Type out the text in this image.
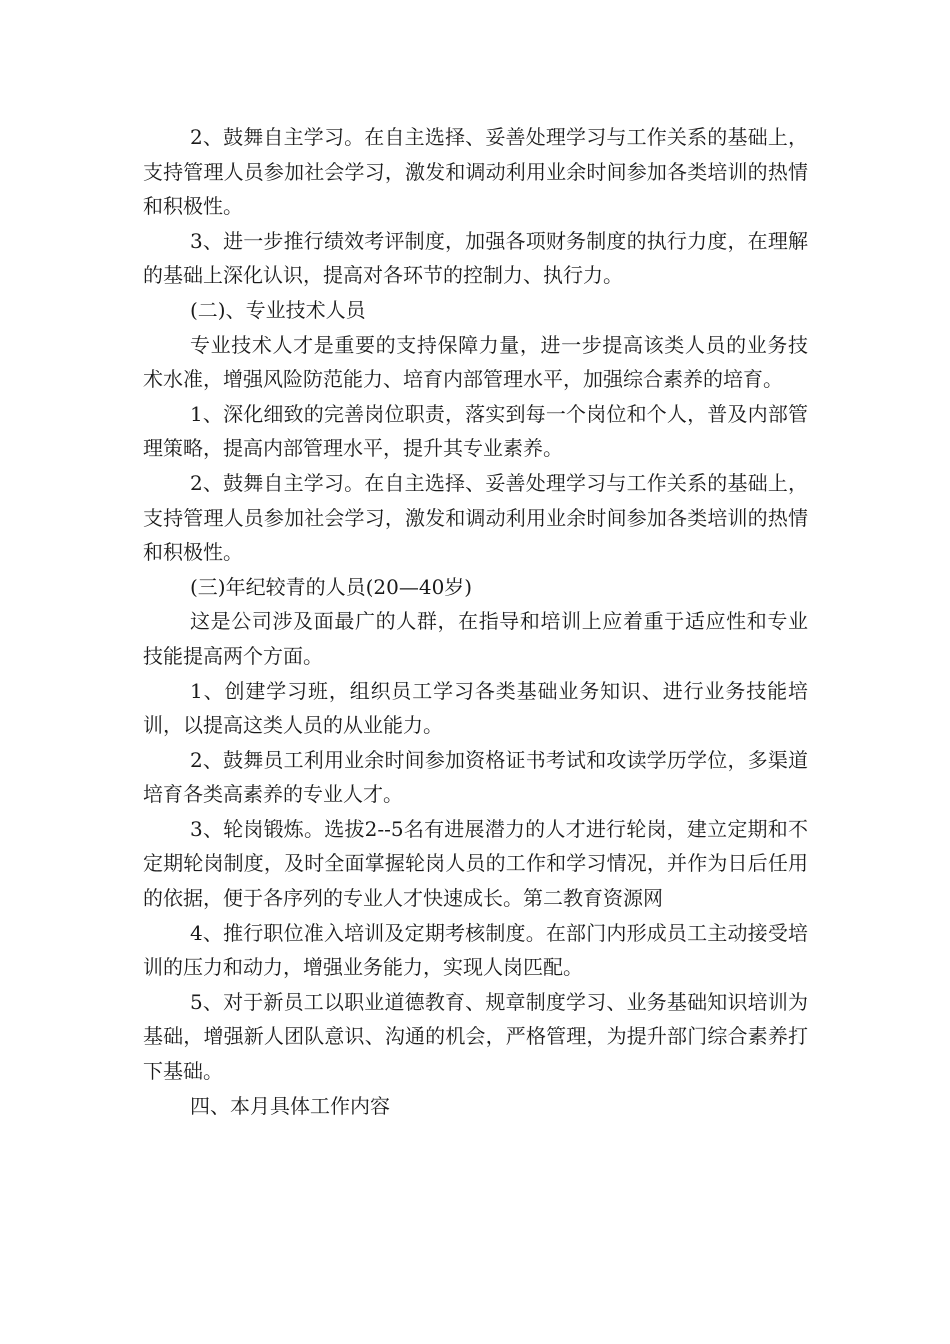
2、鼓舞自主学习。在自主选择、妥善处理学习与工作关系的基础上，支持管理人员参加社会学习，激发和调动利用业余时间参加各类培训的热情和积极性。

3、进一步推行绩效考评制度，加强各项财务制度的执行力度，在理解的基础上深化认识，提高对各环节的控制力、执行力。

(二)、专业技术人员

专业技术人才是重要的支持保障力量，进一步提高该类人员的业务技术水准，增强风险防范能力、培育内部管理水平，加强综合素养的培育。

1、深化细致的完善岗位职责，落实到每一个岗位和个人，普及内部管理策略，提高内部管理水平，提升其专业素养。

2、鼓舞自主学习。在自主选择、妥善处理学习与工作关系的基础上，支持管理人员参加社会学习，激发和调动利用业余时间参加各类培训的热情和积极性。

(三)年纪较青的人员(20—40岁)

这是公司涉及面最广的人群，在指导和培训上应着重于适应性和专业技能提高两个方面。

1、创建学习班，组织员工学习各类基础业务知识、进行业务技能培训，以提高这类人员的从业能力。

2、鼓舞员工利用业余时间参加资格证书考试和攻读学历学位，多渠道培育各类高素养的专业人才。

3、轮岗锻炼。选拔2--5名有进展潜力的人才进行轮岗，建立定期和不定期轮岗制度，及时全面掌握轮岗人员的工作和学习情况，并作为日后任用的依据，便于各序列的专业人才快速成长。第二教育资源网

4、推行职位准入培训及定期考核制度。在部门内形成员工主动接受培训的压力和动力，增强业务能力，实现人岗匹配。

5、对于新员工以职业道德教育、规章制度学习、业务基础知识培训为基础，增强新人团队意识、沟通的机会，严格管理，为提升部门综合素养打下基础。

四、本月具体工作内容
